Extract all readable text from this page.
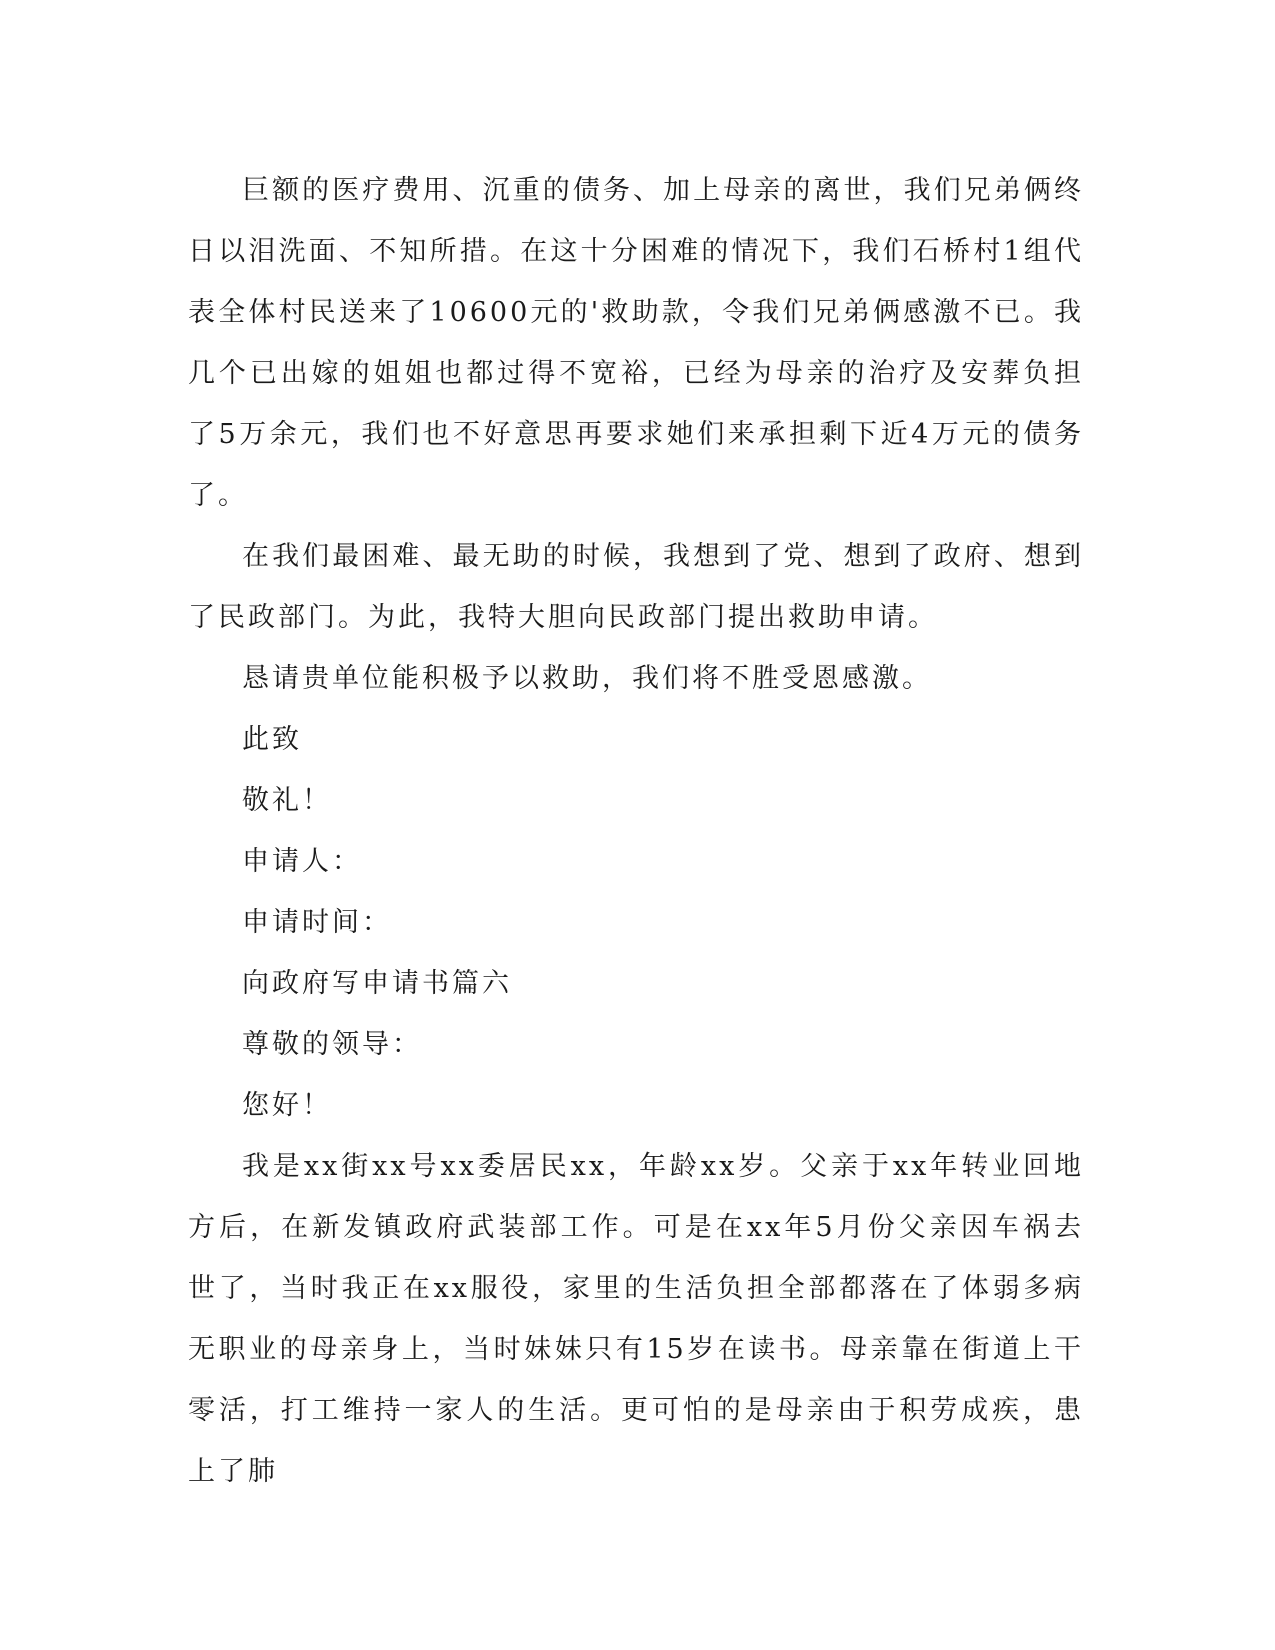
巨额的医疗费用、沉重的债务、加上母亲的离世，我们兄弟俩终日以泪洗面、不知所措。在这十分困难的情况下，我们石桥村1组代表全体村民送来了10600元的'救助款，令我们兄弟俩感激不已。我几个已出嫁的姐姐也都过得不宽裕，已经为母亲的治疗及安葬负担了5万余元，我们也不好意思再要求她们来承担剩下近4万元的债务了。

在我们最困难、最无助的时候，我想到了党、想到了政府、想到了民政部门。为此，我特大胆向民政部门提出救助申请。

恳请贵单位能积极予以救助，我们将不胜受恩感激。

此致

敬礼！

申请人：

申请时间：

向政府写申请书篇六

尊敬的领导：

您好！

我是xx街xx号xx委居民xx，年龄xx岁。父亲于xx年转业回地方后，在新发镇政府武装部工作。可是在xx年5月份父亲因车祸去世了，当时我正在xx服役，家里的生活负担全部都落在了体弱多病无职业的母亲身上，当时妹妹只有15岁在读书。母亲靠在街道上干零活，打工维持一家人的生活。更可怕的是母亲由于积劳成疾，患上了肺
